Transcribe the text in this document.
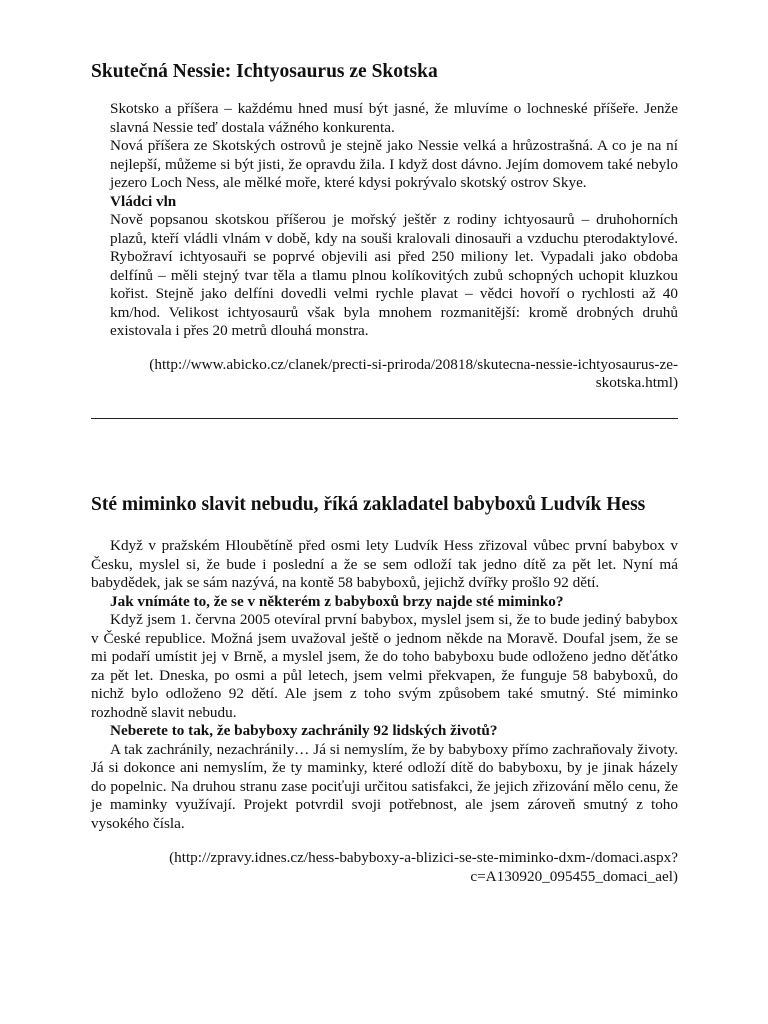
Skutečná Nessie: Ichtyosaurus ze Skotska

Skotsko a příšera – každému hned musí být jasné, že mluvíme o lochneské příšeře. Jenže slavná Nessie teď dostala vážného konkurenta.

Nová příšera ze Skotských ostrovů je stejně jako Nessie velká a hrůzostrašná. A co je na ní nejlepší, můžeme si být jisti, že opravdu žila. I když dost dávno. Jejím domovem také nebylo jezero Loch Ness, ale mělké moře, které kdysi pokrývalo skotský ostrov Skye.

Vládci vln

Nově popsanou skotskou příšerou je mořský ještěr z rodiny ichtyosaurů – druhohorních plazů, kteří vládli vlnám v době, kdy na souši kralovali dinosauři a vzduchu pterodaktylové. Rybožraví ichtyosauři se poprvé objevili asi před 250 miliony let. Vypadali jako obdoba delfínů – měli stejný tvar těla a tlamu plnou kolíkovitých zubů schopných uchopit kluzkou kořist. Stejně jako delfíni dovedli velmi rychle plavat – vědci hovoří o rychlosti až 40 km/hod. Velikost ichtyosaurů však byla mnohem rozmanitější: kromě drobných druhů existovala i přes 20 metrů dlouhá monstra.

(http://www.abicko.cz/clanek/precti-si-priroda/20818/skutecna-nessie-ichtyosaurus-ze-skotska.html)

Sté miminko slavit nebudu, říká zakladatel babyboxů Ludvík Hess

Když v pražském Hloubětíně před osmi lety Ludvík Hess zřizoval vůbec první babybox v Česku, myslel si, že bude i poslední a že se sem odloží tak jedno dítě za pět let. Nyní má babydědek, jak se sám nazývá, na kontě 58 babyboxů, jejichž dvířky prošlo 92 dětí.

Jak vnímáte to, že se v některém z babyboxů brzy najde sté miminko?

Když jsem 1. června 2005 otevíral první babybox, myslel jsem si, že to bude jediný babybox v České republice. Možná jsem uvažoval ještě o jednom někde na Moravě. Doufal jsem, že se mi podaří umístit jej v Brně, a myslel jsem, že do toho babyboxu bude odloženo jedno děťátko za pět let. Dneska, po osmi a půl letech, jsem velmi překvapen, že funguje 58 babyboxů, do nichž bylo odloženo 92 dětí. Ale jsem z toho svým způsobem také smutný. Sté miminko rozhodně slavit nebudu.

Neberete to tak, že babyboxy zachránily 92 lidských životů?

A tak zachránily, nezachránily… Já si nemyslím, že by babyboxy přímo zachraňovaly životy. Já si dokonce ani nemyslím, že ty maminky, které odloží dítě do babyboxu, by je jinak házely do popelnic. Na druhou stranu zase pociťuji určitou satisfakci, že jejich zřizování mělo cenu, že je maminky využívají. Projekt potvrdil svoji potřebnost, ale jsem zároveň smutný z toho vysokého čísla.

(http://zpravy.idnes.cz/hess-babyboxy-a-blizici-se-ste-miminko-dxm-/domaci.aspx?c=A130920_095455_domaci_ael)
